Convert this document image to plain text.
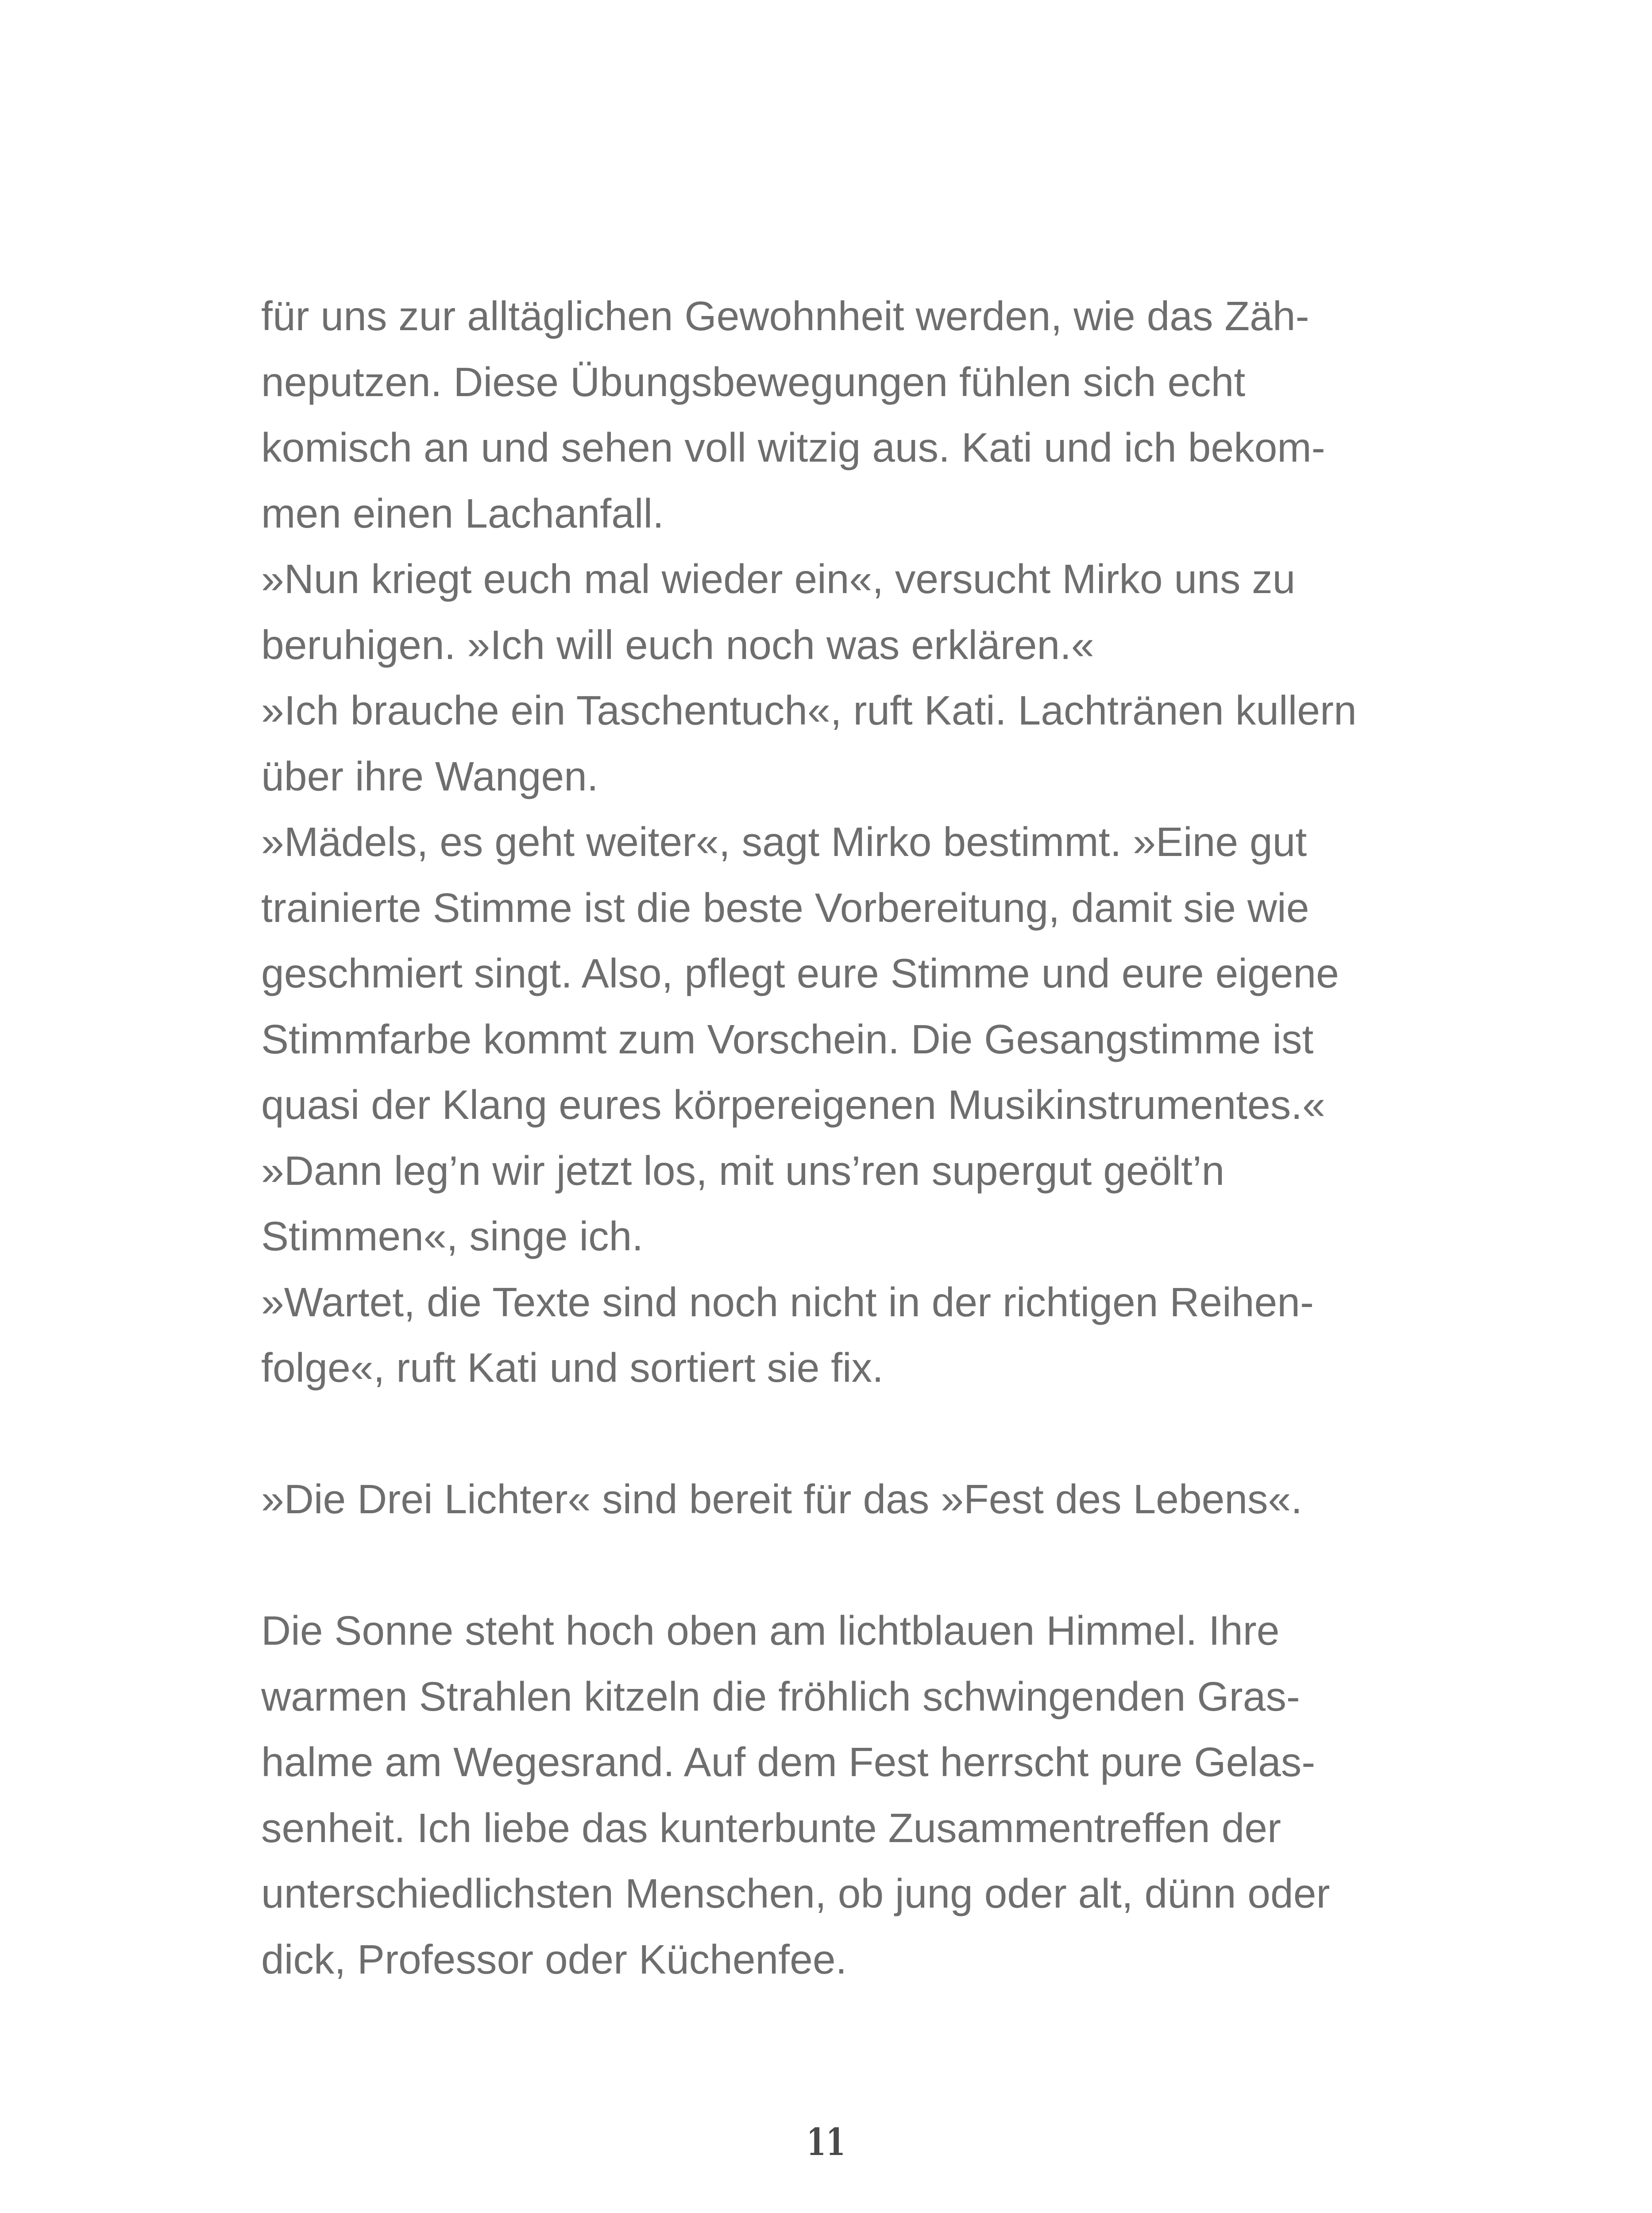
für uns zur alltäglichen Gewohnheit werden, wie das Zäh-
neputzen. Diese Übungsbewegungen fühlen sich echt
komisch an und sehen voll witzig aus. Kati und ich bekom-
men einen Lachanfall.
»Nun kriegt euch mal wieder ein«, versucht Mirko uns zu
beruhigen. »Ich will euch noch was erklären.«
»Ich brauche ein Taschentuch«, ruft Kati. Lachtränen kullern
über ihre Wangen.
»Mädels, es geht weiter«, sagt Mirko bestimmt. »Eine gut
trainierte Stimme ist die beste Vorbereitung, damit sie wie
geschmiert singt. Also, pflegt eure Stimme und eure eigene
Stimmfarbe kommt zum Vorschein. Die Gesangstimme ist
quasi der Klang eures körpereigenen Musikinstrumentes.«
»Dann leg’n wir jetzt los, mit uns’ren supergut geölt’n
Stimmen«, singe ich.
»Wartet, die Texte sind noch nicht in der richtigen Reihen-
folge«, ruft Kati und sortiert sie fix.
»Die Drei Lichter« sind bereit für das »Fest des Lebens«.
Die Sonne steht hoch oben am lichtblauen Himmel. Ihre
warmen Strahlen kitzeln die fröhlich schwingenden Gras-
halme am Wegesrand. Auf dem Fest herrscht pure Gelas-
senheit. Ich liebe das kunterbunte Zusammentreffen der
unterschiedlichsten Menschen, ob jung oder alt, dünn oder
dick, Professor oder Küchenfee.
11
